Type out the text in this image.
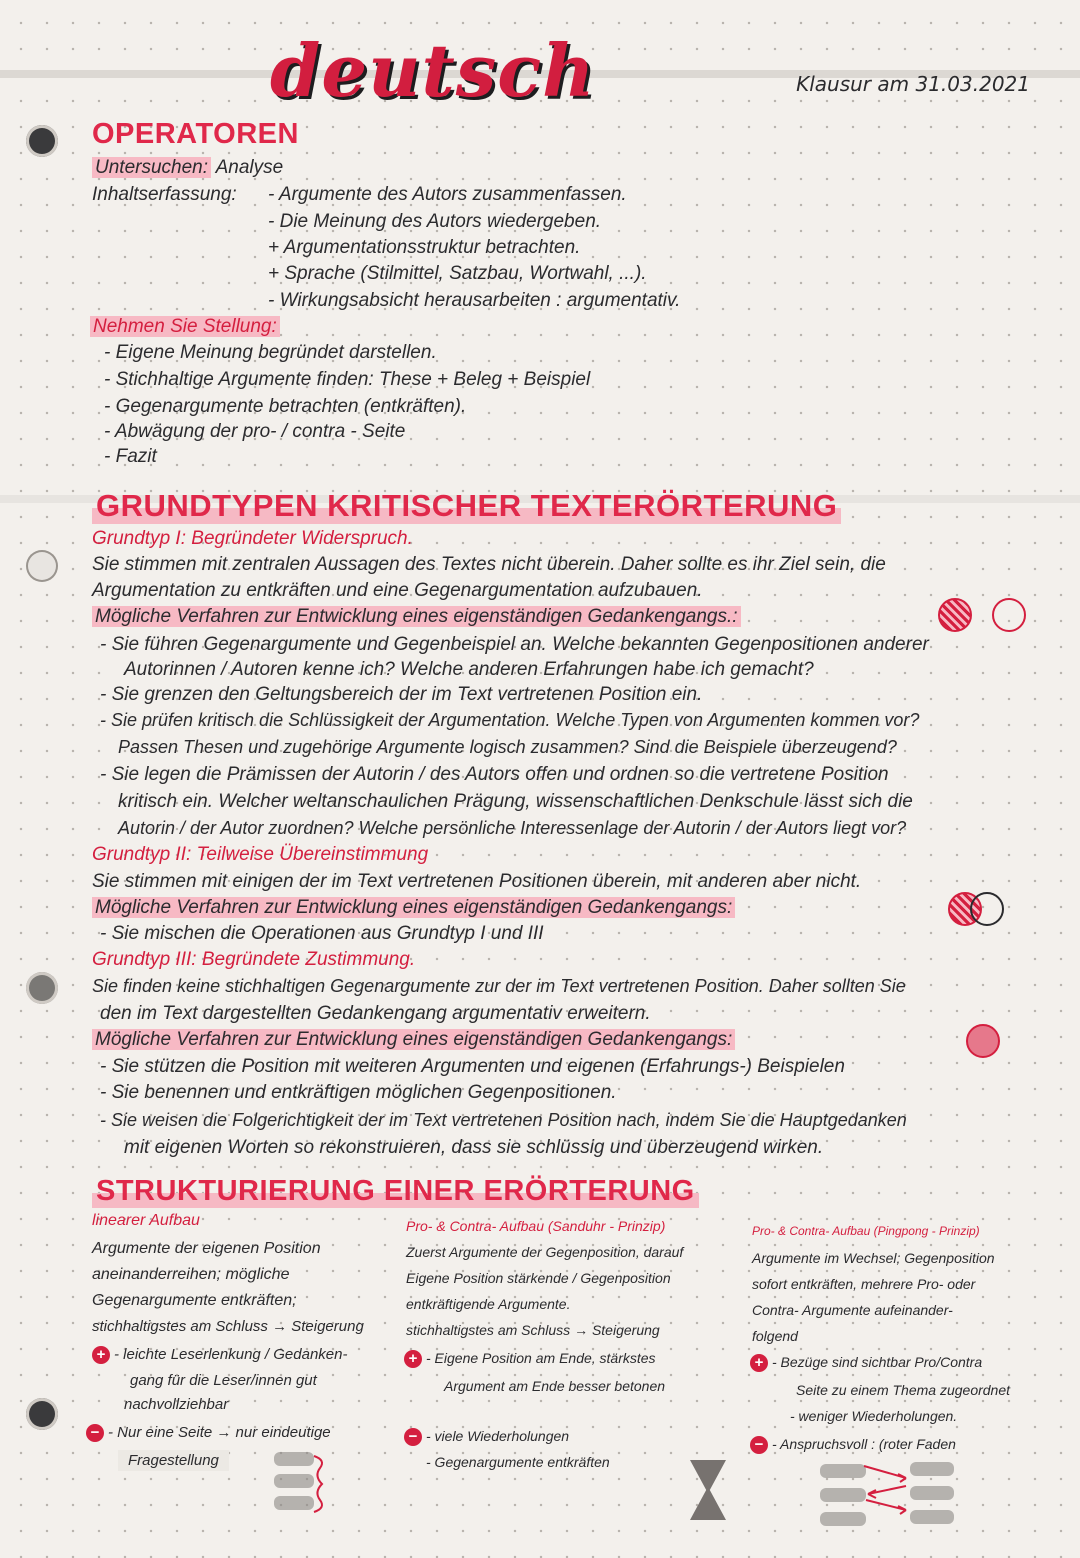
deutsch	Klausur am 31.03.2021
OPERATOREN
Untersuchen: Analyse
Inhaltserfassung: - Argumente des Autors zusammenfassen.
- Die Meinung des Autors wiedergeben.
+ Argumentationsstruktur betrachten.
+ Sprache (Stilmittel, Satzbau, Wortwahl, ...).
- Wirkungsabsicht herausarbeiten : argumentativ.
Nehmen Sie Stellung:
- Eigene Meinung begründet darstellen.
- Stichhaltige Argumente finden: These + Beleg + Beispiel
- Gegenargumente betrachten (entkräften).
- Abwägung der pro- / contra - Seite
- Fazit
GRUNDTYPEN KRITISCHER TEXTERÖRTERUNG
Grundtyp I: Begründeter Widerspruch.
Sie stimmen mit zentralen Aussagen des Textes nicht überein. Daher sollte es ihr Ziel sein, die
Argumentation zu entkräften und eine Gegenargumentation aufzubauen.
Mögliche Verfahren zur Entwicklung eines eigenständigen Gedankengangs.:
- Sie führen Gegenargumente und Gegenbeispiel an. Welche bekannten Gegenpositionen anderer
Autorinnen / Autoren kenne ich? Welche anderen Erfahrungen habe ich gemacht?
- Sie grenzen den Geltungsbereich der im Text vertretenen Position ein.
- Sie prüfen kritisch die Schlüssigkeit der Argumentation. Welche Typen von Argumenten kommen vor?
Passen Thesen und zugehörige Argumente logisch zusammen? Sind die Beispiele überzeugend?
- Sie legen die Prämissen der Autorin / des Autors offen und ordnen so die vertretene Position
kritisch ein. Welcher weltanschaulichen Prägung, wissenschaftlichen Denkschule lässt sich die
Autorin / der Autor zuordnen? Welche persönliche Interessenlage der Autorin / der Autors liegt vor?
Grundtyp II: Teilweise Übereinstimmung
Sie stimmen mit einigen der im Text vertretenen Positionen überein, mit anderen aber nicht.
Mögliche Verfahren zur Entwicklung eines eigenständigen Gedankengangs:
- Sie mischen die Operationen aus Grundtyp I und III
Grundtyp III: Begründete Zustimmung.
Sie finden keine stichhaltigen Gegenargumente zur der im Text vertretenen Position. Daher sollten Sie
den im Text dargestellten Gedankengang argumentativ erweitern.
Mögliche Verfahren zur Entwicklung eines eigenständigen Gedankengangs:
- Sie stützen die Position mit weiteren Argumenten und eigenen (Erfahrungs-) Beispielen
- Sie benennen und entkräftigen möglichen Gegenpositionen.
- Sie weisen die Folgerichtigkeit der im Text vertretenen Position nach, indem Sie die Hauptgedanken
mit eigenen Worten so rekonstruieren, dass sie schlüssig und überzeugend wirken.
STRUKTURIERUNG EINER ERÖRTERUNG
linearer Aufbau
Argumente der eigenen Position
aneinanderreihen; mögliche
Gegenargumente entkräften;
stichhaltigstes am Schluss → Steigerung
+ - leichte Leserlenkung / Gedanken-
gang für die Leser/innen gut
nachvollziehbar
− - Nur eine Seite → nur eindeutige
Fragestellung
Pro- & Contra- Aufbau (Sanduhr - Prinzip)
Zuerst Argumente der Gegenposition, darauf
Eigene Position stärkende / Gegenposition
entkräftigende Argumente.
stichhaltigstes am Schluss → Steigerung
+ - Eigene Position am Ende, stärkstes
Argument am Ende besser betonen
− - viele Wiederholungen
- Gegenargumente entkräften
Pro- & Contra- Aufbau (Pingpong - Prinzip)
Argumente im Wechsel; Gegenposition
sofort entkräften, mehrere Pro- oder
Contra- Argumente aufeinander-
folgend
+ - Bezüge sind sichtbar Pro/Contra
Seite zu einem Thema zugeordnet
- weniger Wiederholungen.
− - Anspruchsvoll : (roter Faden
